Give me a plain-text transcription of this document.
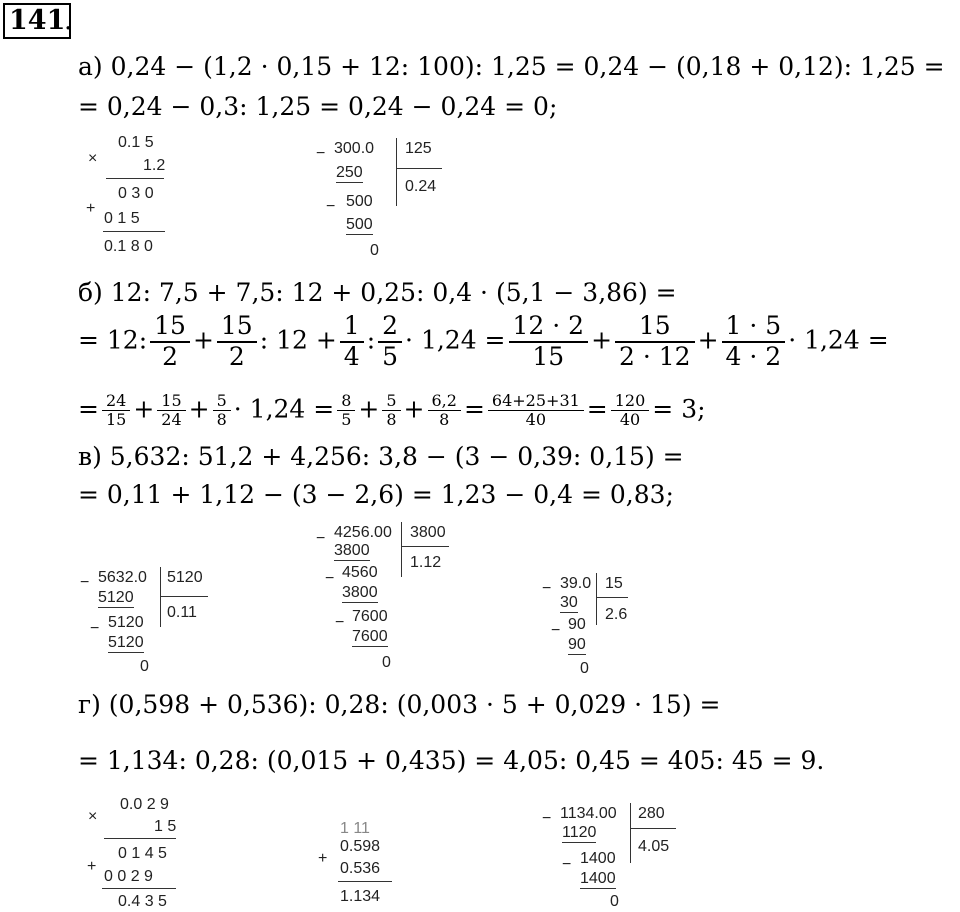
141
.
а) 0,24 − (1,2 · 0,15 + 12: 100): 1,25 = 0,24 − (0,18 + 0,12): 1,25 =
= 0,24 − 0,3: 1,25 = 0,24 − 0,24 = 0;
×
0.1 5
1.2
0 3 0
+
0 1 5
0.1 8 0
− 300.0 125
250
0.24
− 500
500
0
б) 12: 7,5 + 7,5: 12 + 0,25: 0,4 · (5,1 − 3,86) =
= 12: $\frac{15}{2} + \frac{15}{2}$ : $12 + \frac{1}{4}$ : $\frac{2}{5} \cdot 1,24 = \frac{12 \cdot 2}{15} + \frac{15}{2 \cdot 12} + \frac{1 \cdot 5}{4 \cdot 2} \cdot 1,24$ =
= $\frac{24}{15} + \frac{15}{24} + \frac{5}{8} \cdot 1,24 = \frac{8}{5} + \frac{5}{8} + \frac{6,2}{8} = \frac{64+25+31}{40} = \frac{120}{40} = 3$;
в) 5,632: 51,2 + 4,256: 3,8 − (3 − 0,39: 0,15) =
= 0,11 + 1,12 − (3 − 2,6) = 1,23 − 0,4 = 0,83;
− 5632.0 5120
5120
0.11
− 5120
5120
0
− 4256.00 3800
3800
1.12
− 4560
3800
− 7600
7600
0
− 39.0 15
30
2.6
− 90
90
0
г) (0,598 + 0,536): 0,28: (0,003 · 5 + 0,029 · 15) =
= 1,134: 0,28: (0,015 + 0,435) = 4,05: 0,45 = 405: 45 = 9.
×
0.0 2 9
1 5
0 1 4 5
+
0 0 2 9
0.4 3 5
1 11
+
0.598
0.536
1.134
− 1134.00 280
1120
4.05
− 1400
1400
0
